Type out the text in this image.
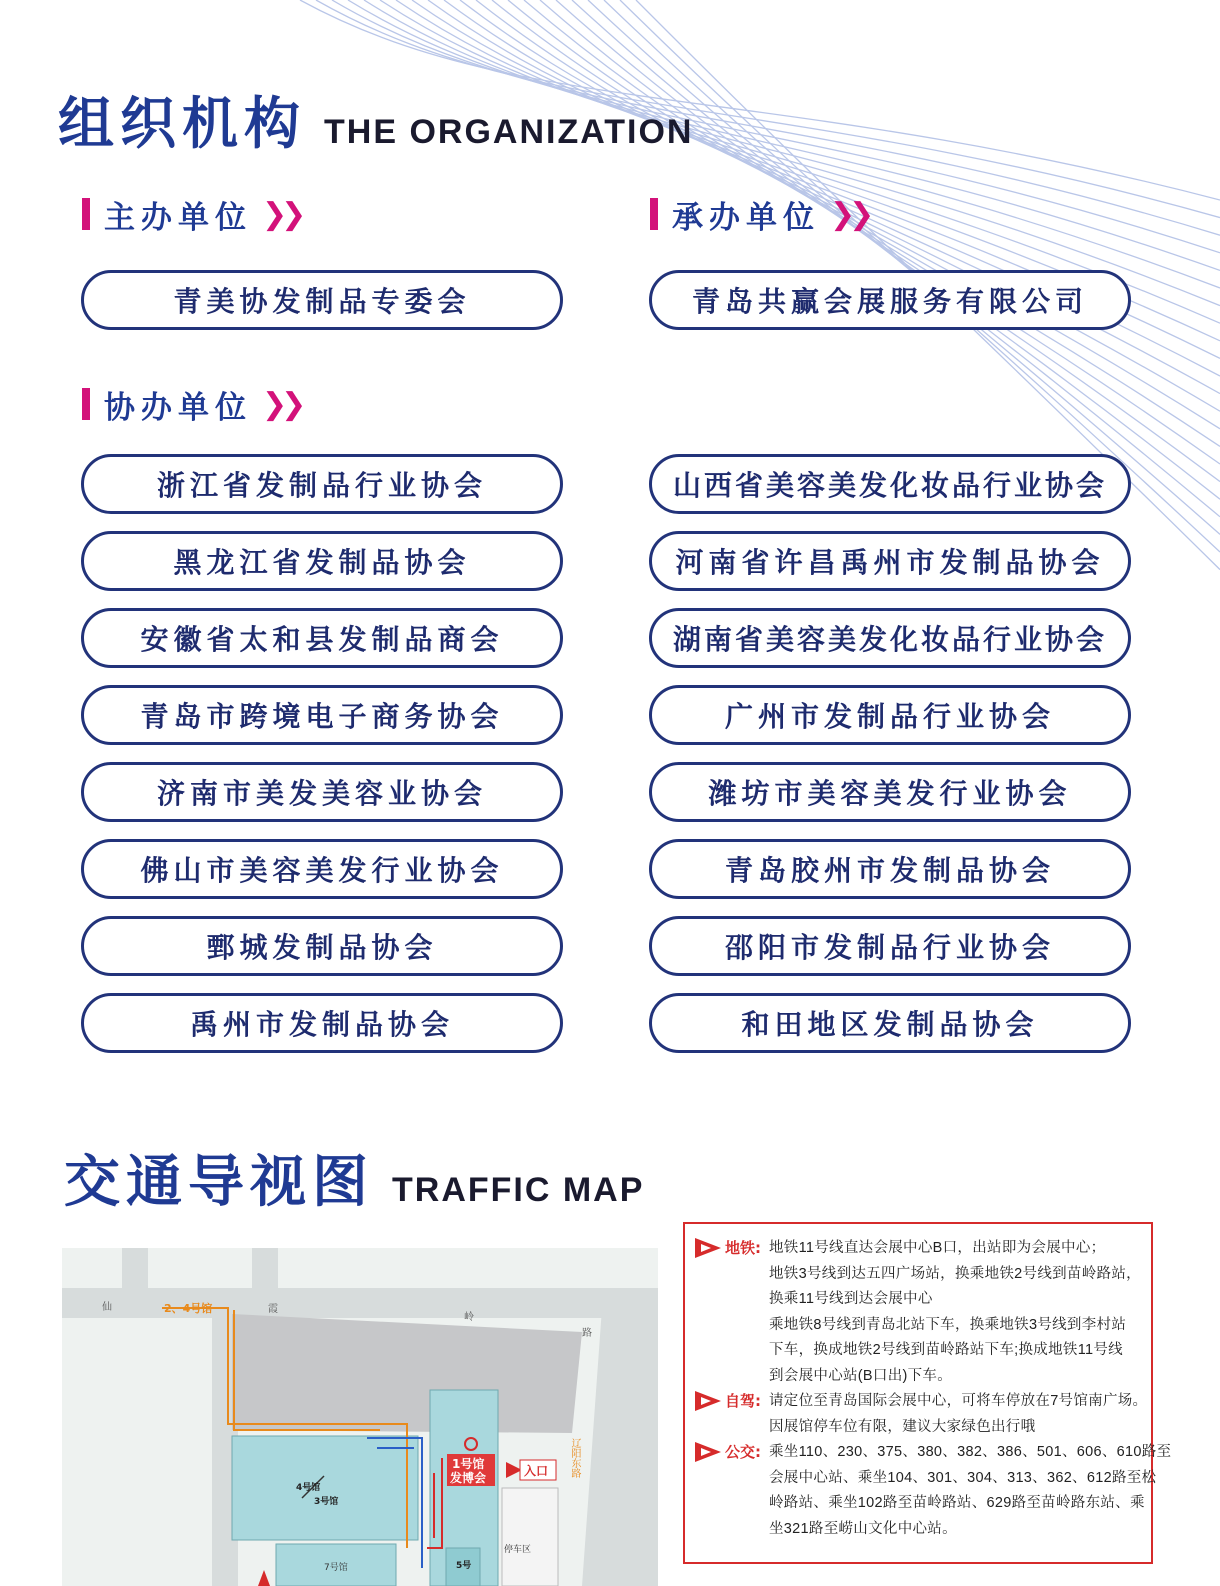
组织机构 THE ORGANIZATION
主办单位 ❯❯	承办单位 ❯❯
青美协发制品专委会	青岛共赢会展服务有限公司
协办单位 ❯❯
浙江省发制品行业协会
黑龙江省发制品协会
安徽省太和县发制品商会
青岛市跨境电子商务协会
济南市美发美容业协会
佛山市美容美发行业协会
鄄城发制品协会
禹州市发制品协会
山西省美容美发化妆品行业协会
河南省许昌禹州市发制品协会
湖南省美容美发化妆品行业协会
广州市发制品行业协会
潍坊市美容美发行业协会
青岛胶州市发制品协会
邵阳市发制品行业协会
和田地区发制品协会
交通导视图 TRAFFIC MAP
仙	霞
岭
路
2、4号馆
1号馆
发博会	入口
4号馆
3号馆
7号馆	5号
停车区
辽阳东路
地铁: 地铁11号线直达会展中心B口，出站即为会展中心；
地铁3号线到达五四广场站，换乘地铁2号线到苗岭路站，
换乘11号线到达会展中心
乘地铁8号线到青岛北站下车，换乘地铁3号线到李村站
下车，换成地铁2号线到苗岭路站下车;换成地铁11号线
到会展中心站(B口出)下车。
自驾: 请定位至青岛国际会展中心，可将车停放在7号馆南广场。
因展馆停车位有限，建议大家绿色出行哦
公交: 乘坐110、230、375、380、382、386、501、606、610路至
会展中心站、乘坐104、301、304、313、362、612路至松
岭路站、乘坐102路至苗岭路站、629路至苗岭路东站、乘
坐321路至崂山文化中心站。
